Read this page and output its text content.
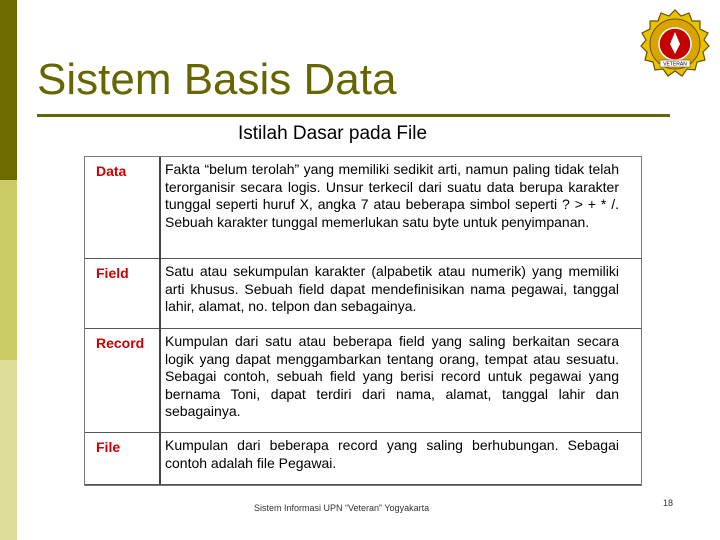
Sistem Basis Data
Istilah Dasar pada File
VETERAN
Data	Fakta “belum terolah” yang memiliki sedikit arti, namun paling tidak telah terorganisir secara logis. Unsur terkecil dari suatu data berupa karakter tunggal seperti huruf X, angka 7 atau beberapa simbol seperti ? > + * /. Sebuah karakter tunggal memerlukan satu byte untuk penyimpanan.
Field	Satu atau sekumpulan karakter (alpabetik atau numerik) yang memiliki arti khusus. Sebuah field dapat mendefinisikan nama pegawai, tanggal lahir, alamat, no. telpon dan sebagainya.
Record Kumpulan dari satu atau beberapa field yang saling berkaitan secara logik yang dapat menggambarkan tentang orang, tempat atau sesuatu. Sebagai contoh, sebuah field yang berisi record untuk pegawai yang bernama Toni, dapat terdiri dari nama, alamat, tanggal lahir dan sebagainya.
File	Kumpulan dari beberapa record yang saling berhubungan. Sebagai contoh adalah file Pegawai.
Sistem Informasi UPN “Veteran” Yogyakarta	18
